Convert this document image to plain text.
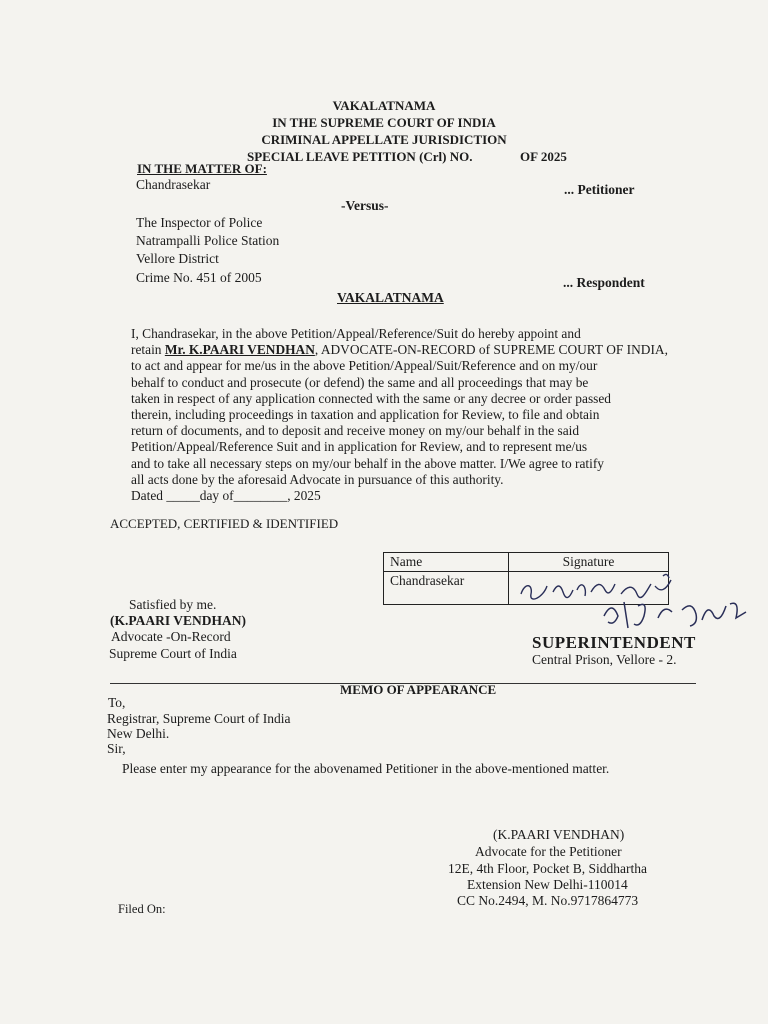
VAKALATNAMA
IN THE SUPREME COURT OF INDIA
CRIMINAL APPELLATE JURISDICTION
SPECIAL LEAVE PETITION (Crl) NO.	OF 2025
IN THE MATTER OF:
Chandrasekar	... Petitioner
-Versus-
The Inspector of Police
Natrampalli Police Station
Vellore District
Crime No. 451 of 2005	... Respondent
VAKALATNAMA
I, Chandrasekar, in the above Petition/Appeal/Reference/Suit do hereby appoint and
retain Mr. K.PAARI VENDHAN, ADVOCATE-ON-RECORD of SUPREME COURT OF INDIA,
to act and appear for me/us in the above Petition/Appeal/Suit/Reference and on my/our
behalf to conduct and prosecute (or defend) the same and all proceedings that may be
taken in respect of any application connected with the same or any decree or order passed
therein, including proceedings in taxation and application for Review, to file and obtain
return of documents, and to deposit and receive money on my/our behalf in the said
Petition/Appeal/Reference Suit and in application for Review, and to represent me/us
and to take all necessary steps on my/our behalf in the above matter. I/We agree to ratify
all acts done by the aforesaid Advocate in pursuance of this authority.
Dated _____day of________, 2025
ACCEPTED, CERTIFIED & IDENTIFIED
Name	Signature
Chandrasekar	
Satisfied by me.
(K.PAARI VENDHAN)
Advocate -On-Record
Supreme Court of India
SUPERINTENDENT
Central Prison, Vellore - 2.
MEMO OF APPEARANCE
To,
Registrar, Supreme Court of India
New Delhi.
Sir,
Please enter my appearance for the abovenamed Petitioner in the above-mentioned matter.
(K.PAARI VENDHAN)
Advocate for the Petitioner
12E, 4th Floor, Pocket B, Siddhartha
Extension New Delhi-110014
CC No.2494, M. No.9717864773
Filed On:
